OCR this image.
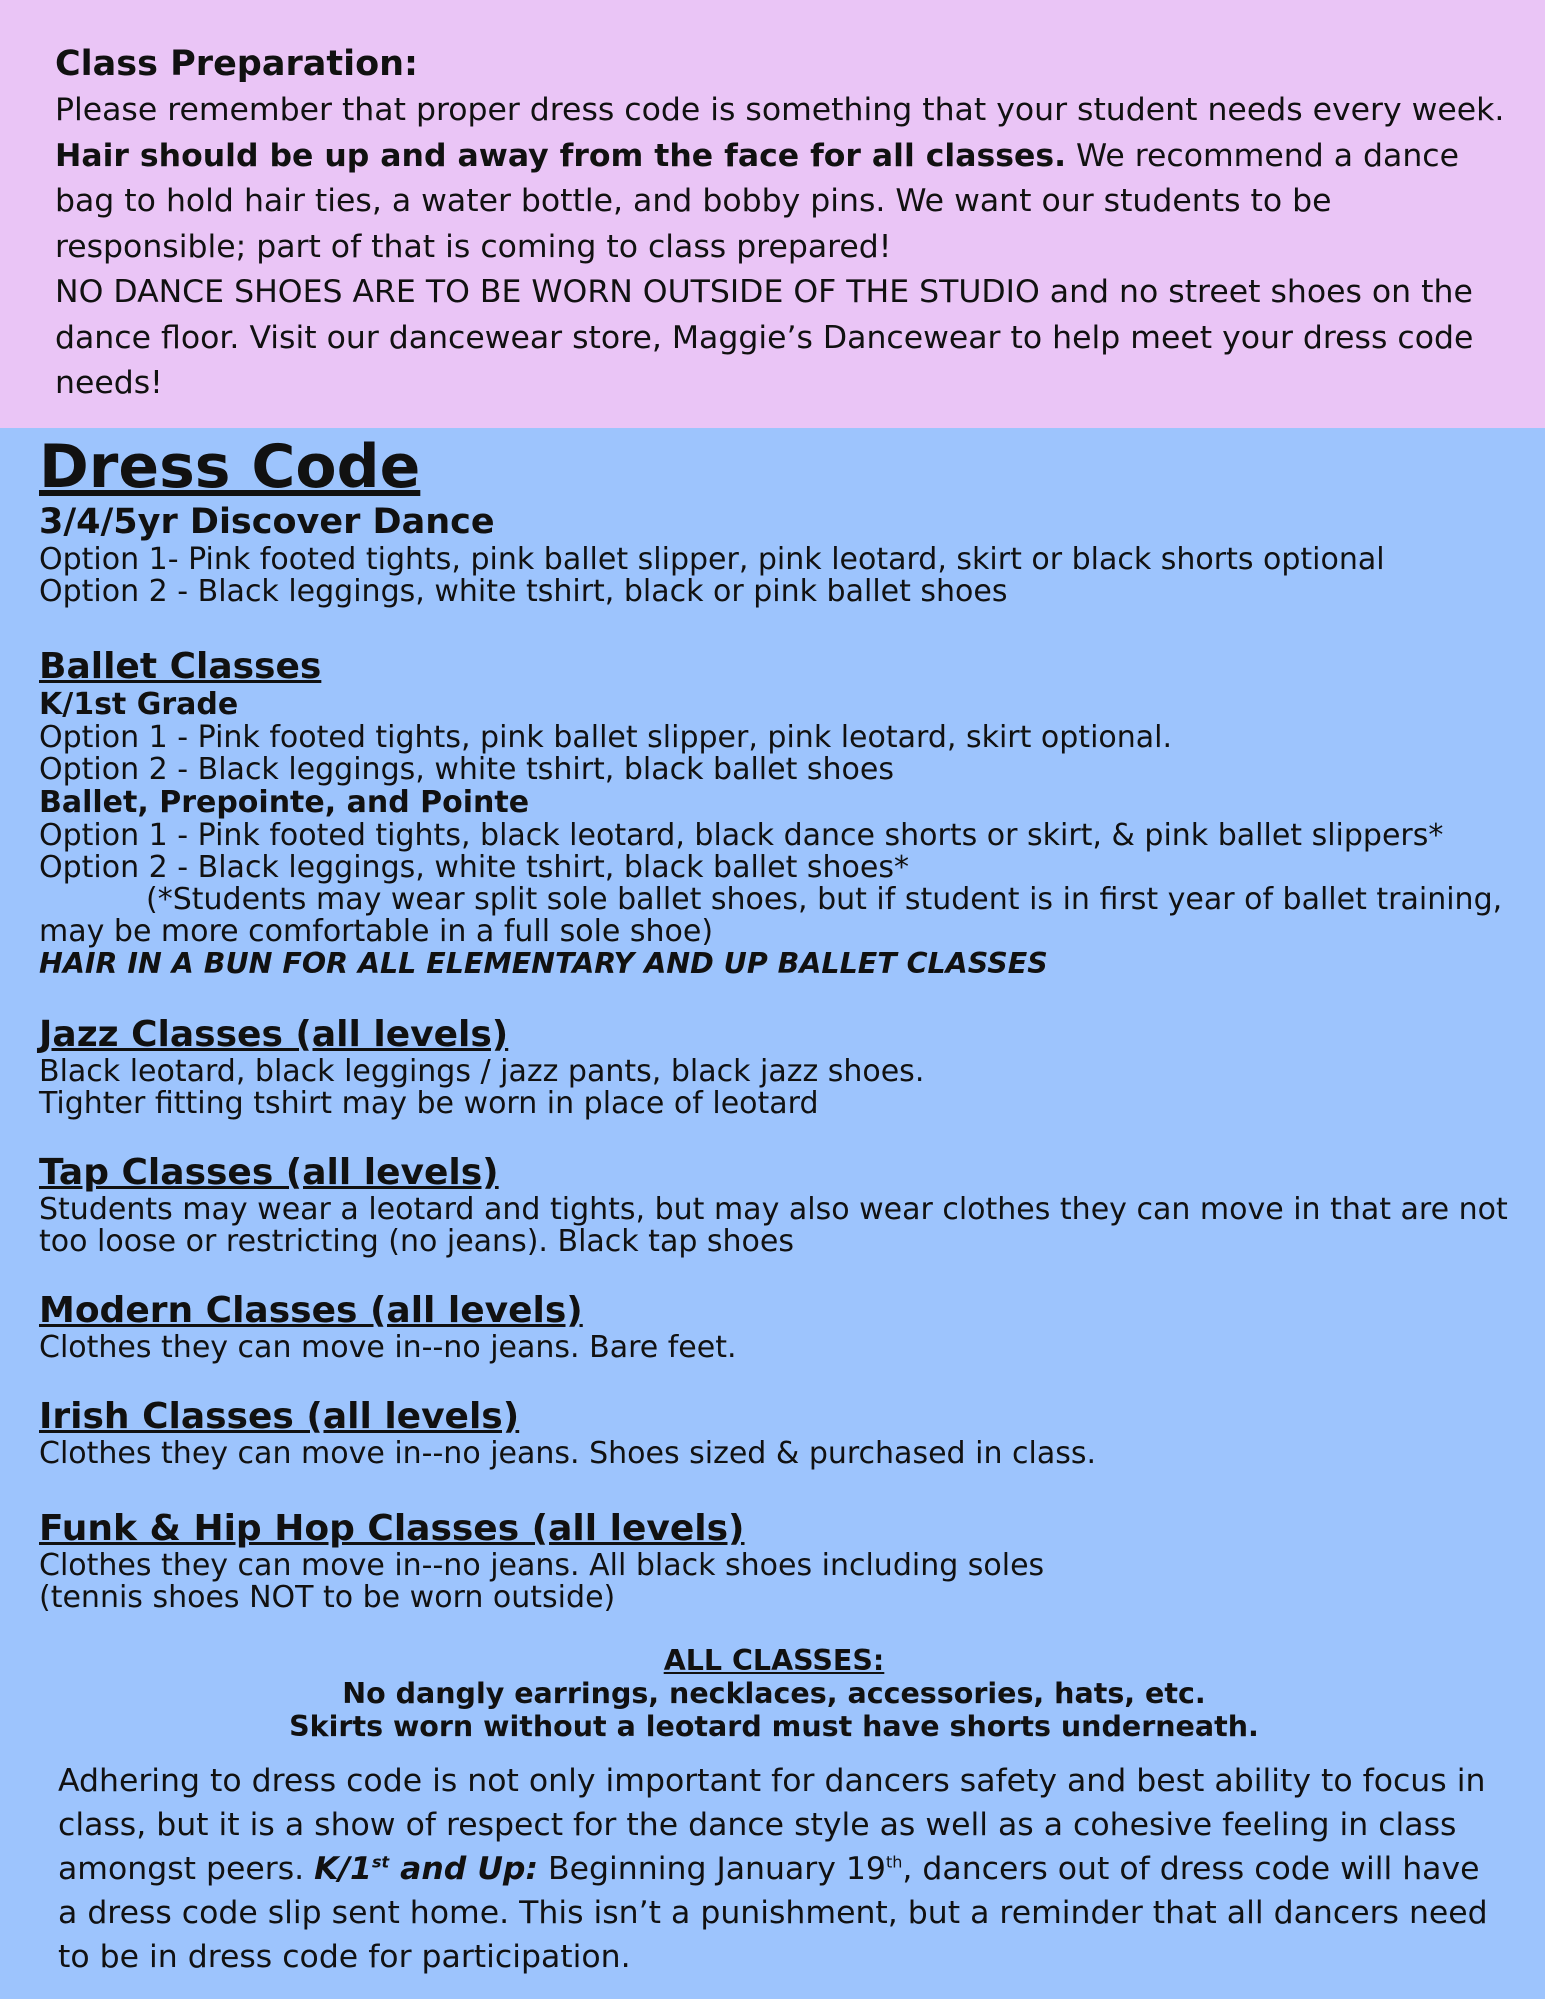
Class Preparation:
Please remember that proper dress code is something that your student needs every week. Hair should be up and away from the face for all classes. We recommend a dance bag to hold hair ties, a water bottle, and bobby pins. We want our students to be responsible; part of that is coming to class prepared!
NO DANCE SHOES ARE TO BE WORN OUTSIDE OF THE STUDIO and no street shoes on the dance floor. Visit our dancewear store, Maggie’s Dancewear to help meet your dress code needs!
Dress Code
3/4/5yr Discover Dance
Option 1- Pink footed tights, pink ballet slipper, pink leotard, skirt or black shorts optional
Option 2 - Black leggings, white tshirt, black or pink ballet shoes
Ballet Classes
K/1st Grade
Option 1 - Pink footed tights, pink ballet slipper, pink leotard, skirt optional.
Option 2 - Black leggings, white tshirt, black ballet shoes
Ballet, Prepointe, and Pointe
Option 1 - Pink footed tights, black leotard, black dance shorts or skirt, & pink ballet slippers*
Option 2 - Black leggings, white tshirt, black ballet shoes*
(*Students may wear split sole ballet shoes, but if student is in first year of ballet training,
may be more comfortable in a full sole shoe)
HAIR IN A BUN FOR ALL ELEMENTARY AND UP BALLET CLASSES
Jazz Classes (all levels)
Black leotard, black leggings / jazz pants, black jazz shoes.
Tighter fitting tshirt may be worn in place of leotard
Tap Classes (all levels)
Students may wear a leotard and tights, but may also wear clothes they can move in that are not
too loose or restricting (no jeans). Black tap shoes
Modern Classes (all levels)
Clothes they can move in--no jeans. Bare feet.
Irish Classes (all levels)
Clothes they can move in--no jeans. Shoes sized & purchased in class.
Funk & Hip Hop Classes (all levels)
Clothes they can move in--no jeans. All black shoes including soles
(tennis shoes NOT to be worn outside)
ALL CLASSES:
No dangly earrings, necklaces, accessories, hats, etc.
Skirts worn without a leotard must have shorts underneath.
Adhering to dress code is not only important for dancers safety and best ability to focus in class, but it is a show of respect for the dance style as well as a cohesive feeling in class amongst peers. K/1st and Up: Beginning January 19th, dancers out of dress code will have a dress code slip sent home. This isn’t a punishment, but a reminder that all dancers need to be in dress code for participation.
